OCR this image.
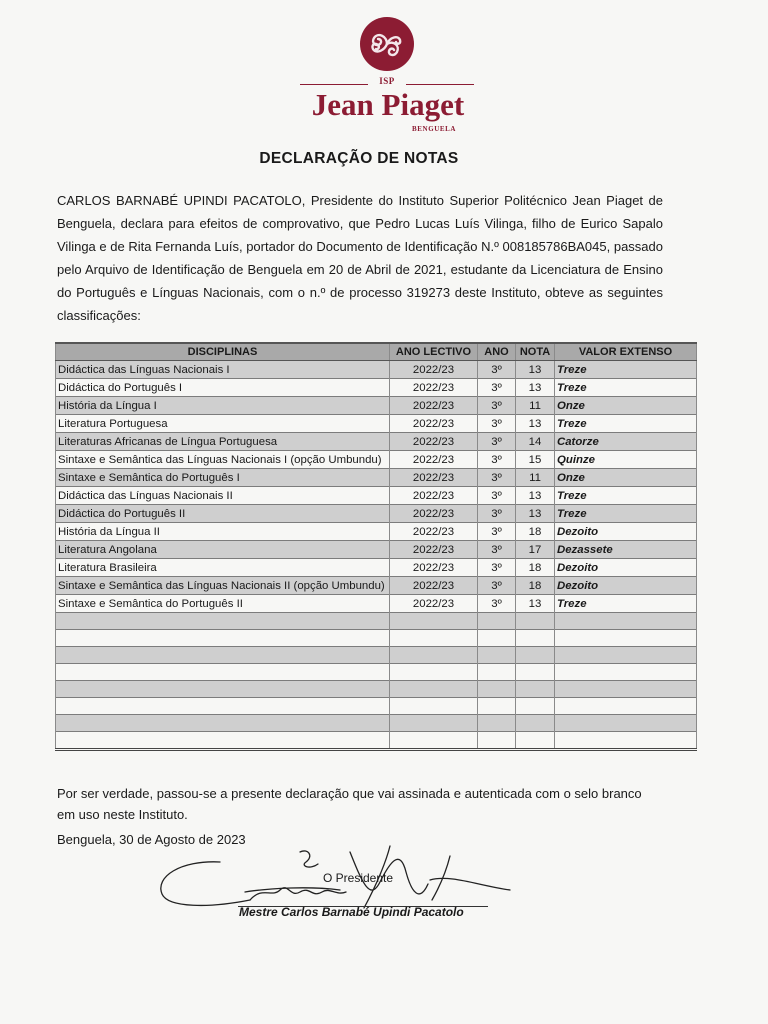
ISP
Jean Piaget
BENGUELA
DECLARAÇÃO DE NOTAS
CARLOS BARNABÉ UPINDI PACATOLO, Presidente do Instituto Superior Politécnico Jean Piaget de Benguela, declara para efeitos de comprovativo, que Pedro Lucas Luís Vilinga, filho de Eurico Sapalo Vilinga e de Rita Fernanda Luís, portador do Documento de Identificação N.º 008185786BA045, passado pelo Arquivo de Identificação de Benguela em 20 de Abril de 2021, estudante da Licenciatura de Ensino do Português e Línguas Nacionais, com o n.º de processo 319273 deste Instituto, obteve as seguintes classificações:
DISCIPLINAS	ANO LECTIVO	ANO	NOTA	VALOR EXTENSO
Didáctica das Línguas Nacionais I	2022/23	3º	13	Treze
Didáctica do Português I	2022/23	3º	13	Treze
História da Língua I	2022/23	3º	11	Onze
Literatura Portuguesa	2022/23	3º	13	Treze
Literaturas Africanas de Língua Portuguesa	2022/23	3º	14	Catorze
Sintaxe e Semântica das Línguas Nacionais I (opção Umbundu)	2022/23	3º	15	Quinze
Sintaxe e Semântica do Português I	2022/23	3º	11	Onze
Didáctica das Línguas Nacionais II	2022/23	3º	13	Treze
Didáctica do Português II	2022/23	3º	13	Treze
História da Língua II	2022/23	3º	18	Dezoito
Literatura Angolana	2022/23	3º	17	Dezassete
Literatura Brasileira	2022/23	3º	18	Dezoito
Sintaxe e Semântica das Línguas Nacionais II (opção Umbundu)	2022/23	3º	18	Dezoito
Sintaxe e Semântica do Português II	2022/23	3º	13	Treze

Por ser verdade, passou-se a presente declaração que vai assinada e autenticada com o selo branco em uso neste Instituto.
Benguela, 30 de Agosto de 2023
O Presidente
Mestre Carlos Barnabé Upindi Pacatolo
